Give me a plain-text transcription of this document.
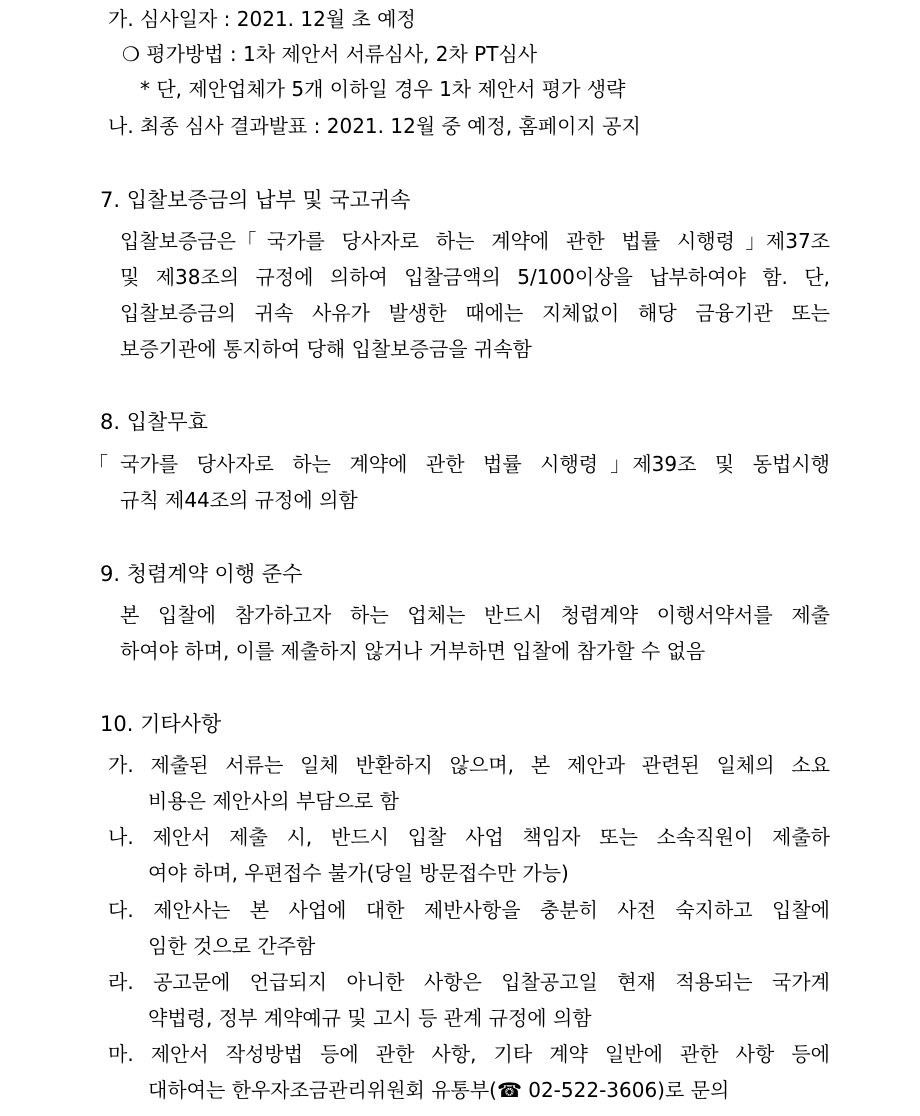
가. 심사일자 : 2021. 12월 초 예정
❍ 평가방법 : 1차 제안서 서류심사, 2차 PT심사
* 단, 제안업체가 5개 이하일 경우 1차 제안서 평가 생략
나. 최종 심사 결과발표 : 2021. 12월 중 예정, 홈페이지 공지
7. 입찰보증금의 납부 및 국고귀속
입찰보증금은｢국가를 당사자로 하는 계약에 관한 법률 시행령｣제37조
및 제38조의 규정에 의하여 입찰금액의 5/100이상을 납부하여야 함. 단,
입찰보증금의 귀속 사유가 발생한 때에는 지체없이 해당 금융기관 또는
보증기관에 통지하여 당해 입찰보증금을 귀속함
8. 입찰무효
｢국가를 당사자로 하는 계약에 관한 법률 시행령｣제39조 및 동법시행
규칙 제44조의 규정에 의함
9. 청렴계약 이행 준수
본 입찰에 참가하고자 하는 업체는 반드시 청렴계약 이행서약서를 제출
하여야 하며, 이를 제출하지 않거나 거부하면 입찰에 참가할 수 없음
10. 기타사항
가. 제출된 서류는 일체 반환하지 않으며, 본 제안과 관련된 일체의 소요
비용은 제안사의 부담으로 함
나. 제안서 제출 시, 반드시 입찰 사업 책임자 또는 소속직원이 제출하
여야 하며, 우편접수 불가(당일 방문접수만 가능)
다. 제안사는 본 사업에 대한 제반사항을 충분히 사전 숙지하고 입찰에
임한 것으로 간주함
라. 공고문에 언급되지 아니한 사항은 입찰공고일 현재 적용되는 국가계
약법령, 정부 계약예규 및 고시 등 관계 규정에 의함
마. 제안서 작성방법 등에 관한 사항, 기타 계약 일반에 관한 사항 등에
대하여는 한우자조금관리위원회 유통부(☎ 02-522-3606)로 문의
